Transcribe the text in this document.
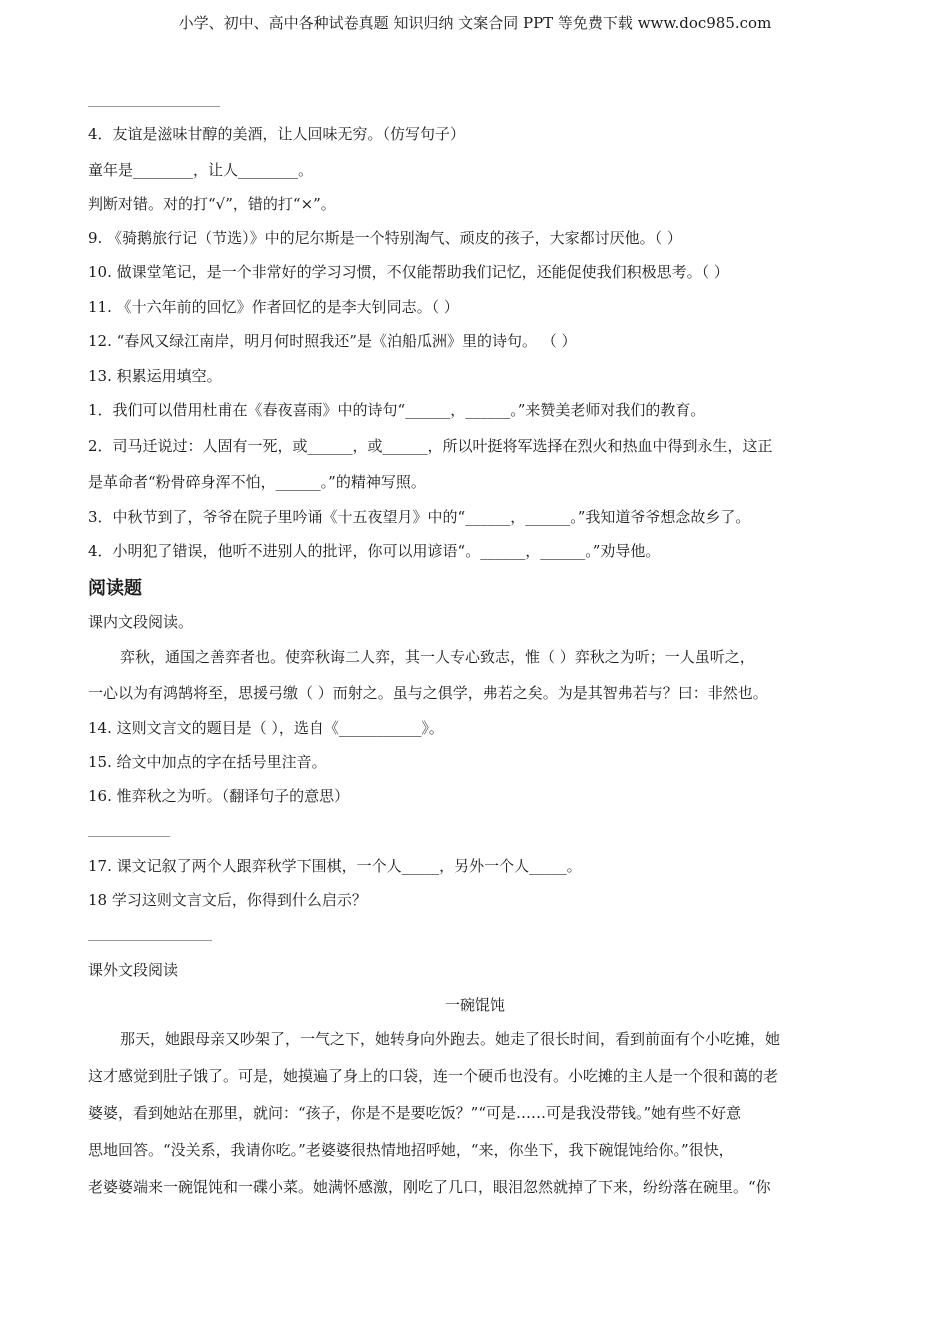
小学、初中、高中各种试卷真题 知识归纳 文案合同 PPT 等免费下载 www.doc985.com
4．友谊是滋味甘醇的美酒，让人回味无穷。（仿写句子）
童年是________，让人________。
判断对错。对的打“√”，错的打“×”。
9. 《骑鹅旅行记（节选）》中的尼尔斯是一个特别淘气、顽皮的孩子，大家都讨厌他。（ ）
10. 做课堂笔记，是一个非常好的学习习惯，不仅能帮助我们记忆，还能促使我们积极思考。（ ）
11. 《十六年前的回忆》作者回忆的是李大钊同志。（ ）
12. “春风又绿江南岸，明月何时照我还”是《泊船瓜洲》里的诗句。 （ ）
13. 积累运用填空。
1．我们可以借用杜甫在《春夜喜雨》中的诗句“______，______。”来赞美老师对我们的教育。
2．司马迁说过：人固有一死，或______，或______，所以叶挺将军选择在烈火和热血中得到永生，这正
是革命者“粉骨碎身浑不怕，______。”的精神写照。
3．中秋节到了，爷爷在院子里吟诵《十五夜望月》中的“______，______。”我知道爷爷想念故乡了。
4．小明犯了错误，他听不进别人的批评，你可以用谚语“。______，______。”劝导他。
阅读题
课内文段阅读。
弈秋，通国之善弈者也。使弈秋诲二人弈，其一人专心致志，惟（ ）弈秋之为听；一人虽听之，
一心以为有鸿鹄将至，思援弓缴（ ）而射之。虽与之俱学，弗若之矣。为是其智弗若与？曰：非然也。
14. 这则文言文的题目是（ ），选自《___________》。
15. 给文中加点的字在括号里注音。
16. 惟弈秋之为听。（翻译句子的意思）
17. 课文记叙了两个人跟弈秋学下围棋，一个人_____，另外一个人_____。
18 学习这则文言文后，你得到什么启示？
课外文段阅读
一碗馄饨
那天，她跟母亲又吵架了，一气之下，她转身向外跑去。她走了很长时间，看到前面有个小吃摊，她
这才感觉到肚子饿了。可是，她摸遍了身上的口袋，连一个硬币也没有。小吃摊的主人是一个很和蔼的老
婆婆，看到她站在那里，就问：“孩子，你是不是要吃饭？”“可是……可是我没带钱。”她有些不好意
思地回答。“没关系，我请你吃。”老婆婆很热情地招呼她，“来，你坐下，我下碗馄饨给你。”很快，
老婆婆端来一碗馄饨和一碟小菜。她满怀感激，刚吃了几口，眼泪忽然就掉了下来，纷纷落在碗里。“你
